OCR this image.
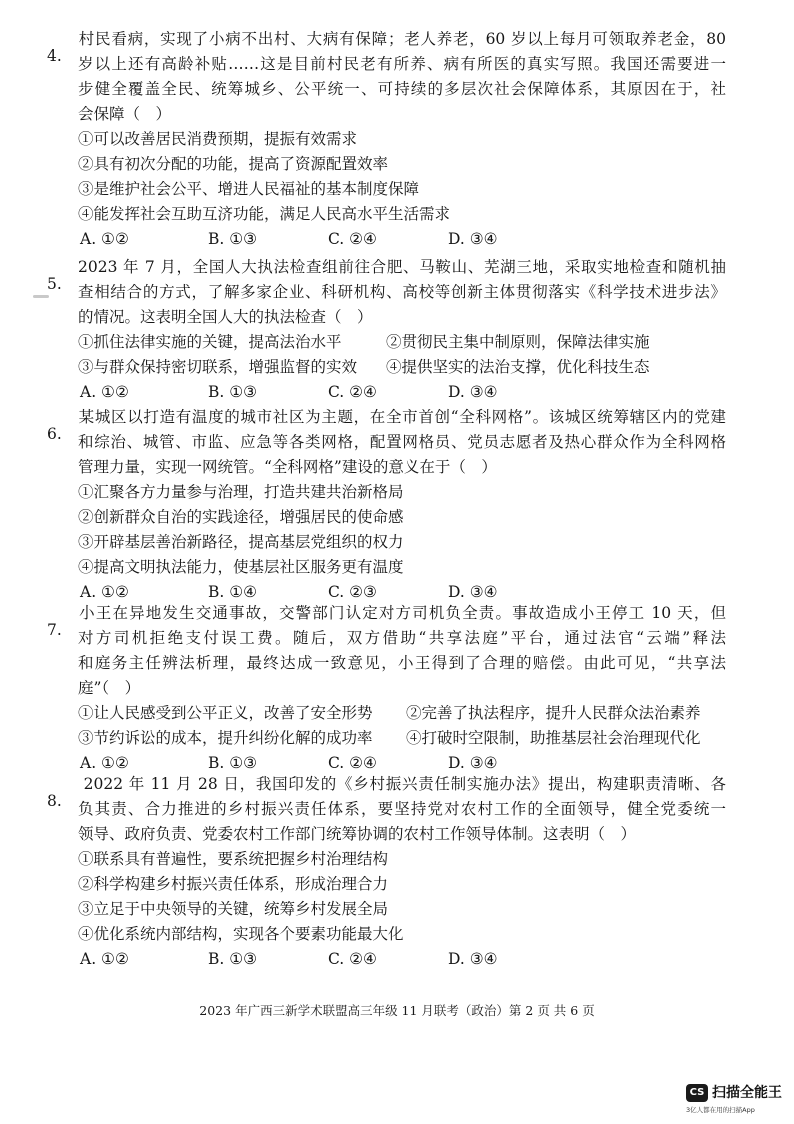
4.
村民看病，实现了小病不出村、大病有保障；老人养老，60 岁以上每月可领取养老金，80
岁以上还有高龄补贴……这是目前村民老有所养、病有所医的真实写照。我国还需要进一
步健全覆盖全民、统筹城乡、公平统一、可持续的多层次社会保障体系，其原因在于，社
会保障（　）
①可以改善居民消费预期，提振有效需求
②具有初次分配的功能，提高了资源配置效率
③是维护社会公平、增进人民福祉的基本制度保障
④能发挥社会互助互济功能，满足人民高水平生活需求
A. ①②	B. ①③	C. ②④	D. ③④
5.
2023 年 7 月，全国人大执法检查组前往合肥、马鞍山、芜湖三地，采取实地检查和随机抽
查相结合的方式，了解多家企业、科研机构、高校等创新主体贯彻落实《科学技术进步法》
的情况。这表明全国人大的执法检查（　）
①抓住法律实施的关键，提高法治水平	②贯彻民主集中制原则，保障法律实施
③与群众保持密切联系，增强监督的实效 ④提供坚实的法治支撑，优化科技生态
A. ①②	B. ①③	C. ②④	D. ③④
6.
某城区以打造有温度的城市社区为主题，在全市首创“全科网格”。该城区统筹辖区内的党建
和综治、城管、市监、应急等各类网格，配置网格员、党员志愿者及热心群众作为全科网格
管理力量，实现一网统管。“全科网格”建设的意义在于（　）
①汇聚各方力量参与治理，打造共建共治新格局
②创新群众自治的实践途径，增强居民的使命感
③开辟基层善治新路径，提高基层党组织的权力
④提高文明执法能力，使基层社区服务更有温度
A. ①②	B. ①④	C. ②③	D. ③④
7.
小王在异地发生交通事故，交警部门认定对方司机负全责。事故造成小王停工 10 天，但
对方司机拒绝支付误工费。随后，双方借助“共享法庭”平台，通过法官“云端”释法
和庭务主任辨法析理，最终达成一致意见，小王得到了合理的赔偿。由此可见，“共享法
庭”（　）
①让人民感受到公平正义，改善了安全形势 ②完善了执法程序，提升人民群众法治素养
③节约诉讼的成本，提升纠纷化解的成功率 ④打破时空限制，助推基层社会治理现代化
A. ①②	B. ①③	C. ②④	D. ③④
8.
2022 年 11 月 28 日，我国印发的《乡村振兴责任制实施办法》提出，构建职责清晰、各
负其责、合力推进的乡村振兴责任体系，要坚持党对农村工作的全面领导，健全党委统一
领导、政府负责、党委农村工作部门统筹协调的农村工作领导体制。这表明（　）
①联系具有普遍性，要系统把握乡村治理结构
②科学构建乡村振兴责任体系，形成治理合力
③立足于中央领导的关键，统筹乡村发展全局
④优化系统内部结构，实现各个要素功能最大化
A. ①②	B. ①③	C. ②④	D. ③④
2023 年广西三新学术联盟高三年级 11 月联考（政治）第 2 页 共 6 页
CS 扫描全能王
3亿人都在用的扫描App
